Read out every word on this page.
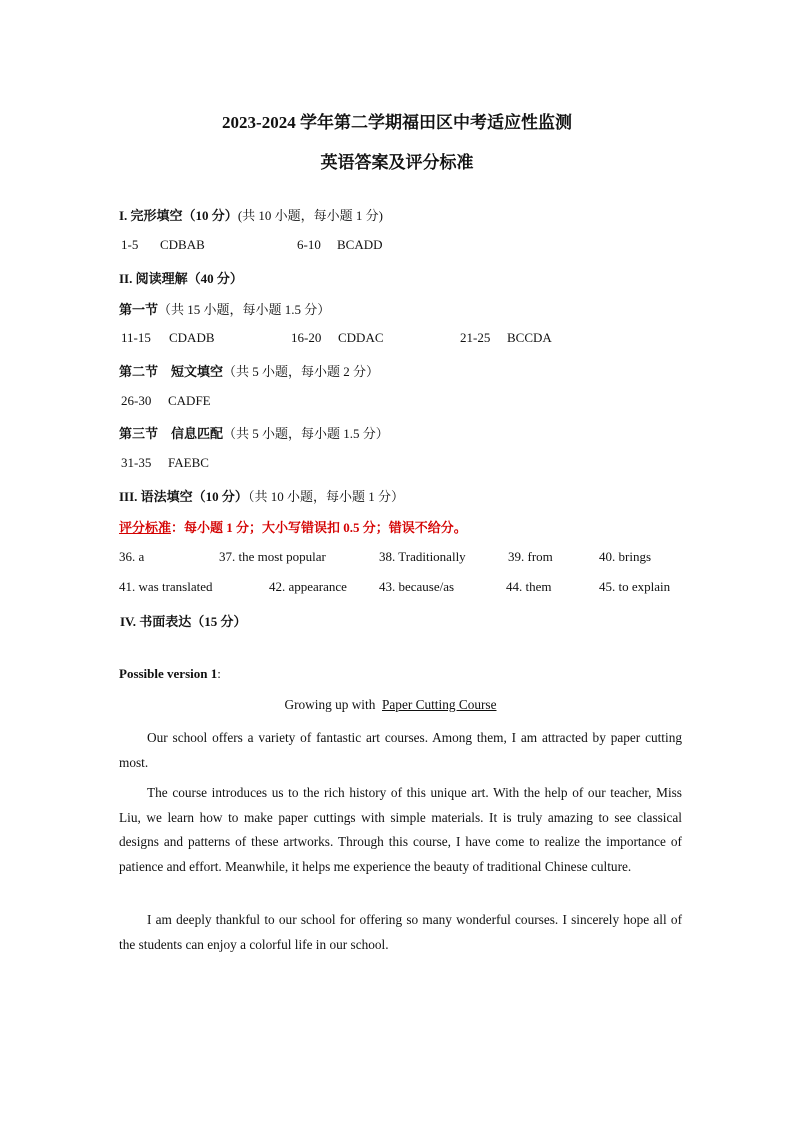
2023-2024 学年第二学期福田区中考适应性监测
英语答案及评分标准
I. 完形填空（10 分）(共 10 小题，每小题 1 分)
1-5 CDBAB	6-10 BCADD
II. 阅读理解（40 分）
第一节（共 15 小题，每小题 1.5 分）
11-15 CDADB	16-20 CDDAC	21-25 BCCDA
第二节　短文填空（共 5 小题，每小题 2 分）
26-30 CADFE
第三节　信息匹配（共 5 小题，每小题 1.5 分）
31-35 FAEBC
III. 语法填空（10 分）（共 10 小题，每小题 1 分）
评分标准：每小题 1 分；大小写错误扣 0.5 分；错误不给分。
36. a	37. the most popular	38. Traditionally	39. from	40. brings
41. was translated	42. appearance 43. because/as	44. them	45. to explain
IV. 书面表达（15 分）
Possible version 1:
Growing up with Paper Cutting Course
Our school offers a variety of fantastic art courses. Among them, I am attracted by paper cutting most.
The course introduces us to the rich history of this unique art. With the help of our teacher, Miss Liu, we learn how to make paper cuttings with simple materials. It is truly amazing to see classical designs and patterns of these artworks. Through this course, I have come to realize the importance of patience and effort. Meanwhile, it helps me experience the beauty of traditional Chinese culture.
I am deeply thankful to our school for offering so many wonderful courses. I sincerely hope all of the students can enjoy a colorful life in our school.
